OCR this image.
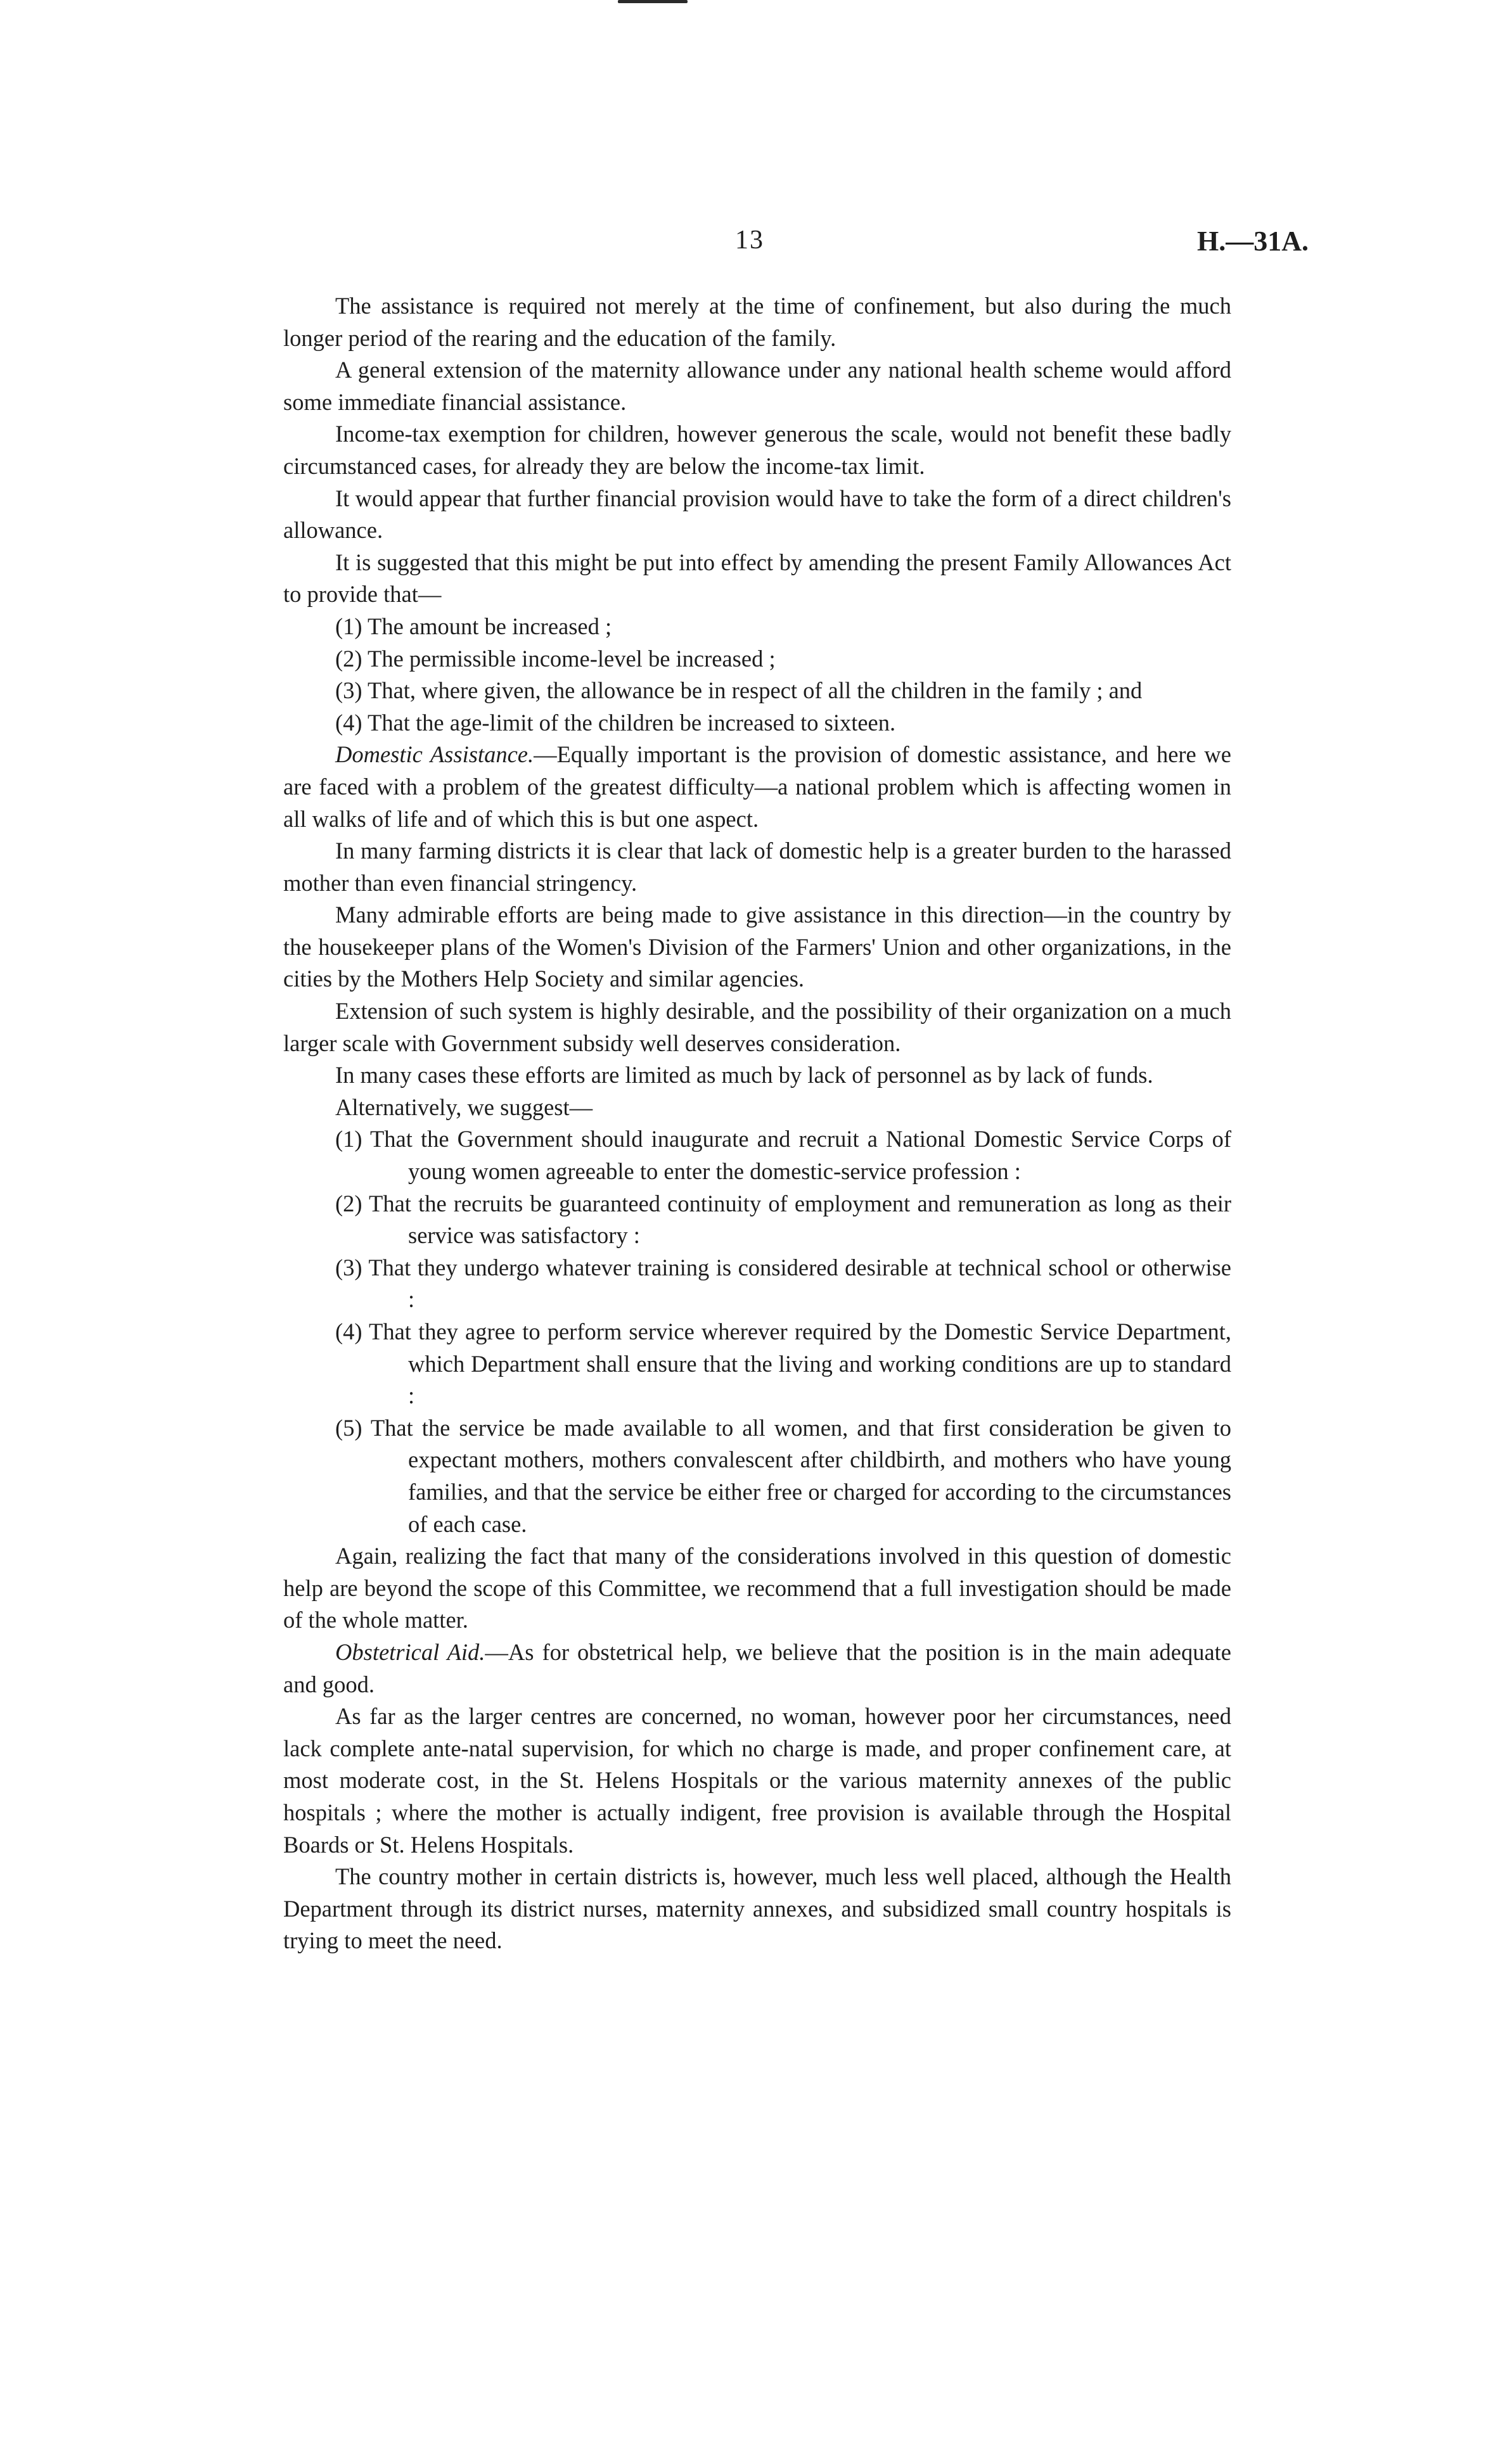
13	H.—31A.

The assistance is required not merely at the time of confinement, but also during the much longer period of the rearing and the education of the family.

A general extension of the maternity allowance under any national health scheme would afford some immediate financial assistance.

Income-tax exemption for children, however generous the scale, would not benefit these badly circumstanced cases, for already they are below the income-tax limit.

It would appear that further financial provision would have to take the form of a direct children's allowance.

It is suggested that this might be put into effect by amending the present Family Allowances Act to provide that—

(1) The amount be increased ;

(2) The permissible income-level be increased ;

(3) That, where given, the allowance be in respect of all the children in the family ; and

(4) That the age-limit of the children be increased to sixteen.

Domestic Assistance.—Equally important is the provision of domestic assistance, and here we are faced with a problem of the greatest difficulty—a national problem which is affecting women in all walks of life and of which this is but one aspect.

In many farming districts it is clear that lack of domestic help is a greater burden to the harassed mother than even financial stringency.

Many admirable efforts are being made to give assistance in this direction—in the country by the housekeeper plans of the Women's Division of the Farmers' Union and other organizations, in the cities by the Mothers Help Society and similar agencies.

Extension of such system is highly desirable, and the possibility of their organization on a much larger scale with Government subsidy well deserves consideration.

In many cases these efforts are limited as much by lack of personnel as by lack of funds.

Alternatively, we suggest—

(1) That the Government should inaugurate and recruit a National Domestic Service Corps of young women agreeable to enter the domestic-service profession :

(2) That the recruits be guaranteed continuity of employment and remuneration as long as their service was satisfactory :

(3) That they undergo whatever training is considered desirable at technical school or otherwise :

(4) That they agree to perform service wherever required by the Domestic Service Department, which Department shall ensure that the living and working conditions are up to standard :

(5) That the service be made available to all women, and that first consideration be given to expectant mothers, mothers convalescent after childbirth, and mothers who have young families, and that the service be either free or charged for according to the circumstances of each case.

Again, realizing the fact that many of the considerations involved in this question of domestic help are beyond the scope of this Committee, we recommend that a full investigation should be made of the whole matter.

Obstetrical Aid.—As for obstetrical help, we believe that the position is in the main adequate and good.

As far as the larger centres are concerned, no woman, however poor her circumstances, need lack complete ante-natal supervision, for which no charge is made, and proper confinement care, at most moderate cost, in the St. Helens Hospitals or the various maternity annexes of the public hospitals ; where the mother is actually indigent, free provision is available through the Hospital Boards or St. Helens Hospitals.

The country mother in certain districts is, however, much less well placed, although the Health Department through its district nurses, maternity annexes, and subsidized small country hospitals is trying to meet the need.
